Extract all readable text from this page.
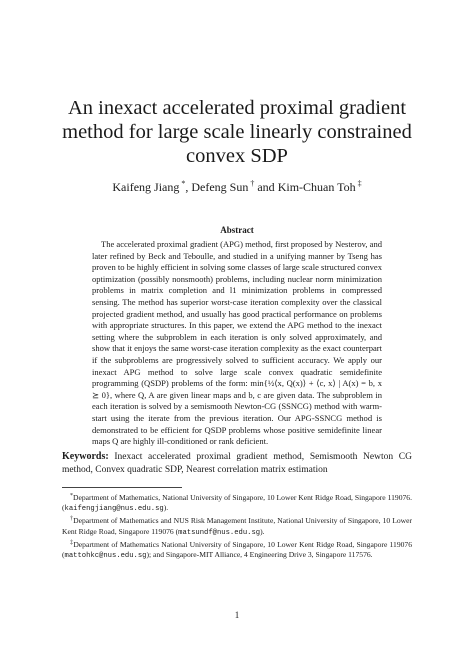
An inexact accelerated proximal gradient method for large scale linearly constrained convex SDP
Kaifeng Jiang *, Defeng Sun † and Kim-Chuan Toh ‡
Abstract
The accelerated proximal gradient (APG) method, first proposed by Nesterov, and later refined by Beck and Teboulle, and studied in a unifying manner by Tseng has proven to be highly efficient in solving some classes of large scale structured convex optimization (possibly nonsmooth) problems, including nuclear norm minimization problems in matrix completion and l1 minimization problems in compressed sensing. The method has superior worst-case iteration complexity over the classical projected gradient method, and usually has good practical performance on problems with appropriate structures. In this paper, we extend the APG method to the inexact setting where the subproblem in each iteration is only solved approximately, and show that it enjoys the same worst-case iteration complexity as the exact counterpart if the subproblems are progressively solved to sufficient accuracy. We apply our inexact APG method to solve large scale convex quadratic semidefinite programming (QSDP) problems of the form: min{½⟨x, Q(x)⟩ + ⟨c, x⟩ | A(x) = b, x ⪰ 0}, where Q, A are given linear maps and b, c are given data. The subproblem in each iteration is solved by a semismooth Newton-CG (SSNCG) method with warm-start using the iterate from the previous iteration. Our APG-SSNCG method is demonstrated to be efficient for QSDP problems whose positive semidefinite linear maps Q are highly ill-conditioned or rank deficient.
Keywords: Inexact accelerated proximal gradient method, Semismooth Newton CG method, Convex quadratic SDP, Nearest correlation matrix estimation

*Department of Mathematics, National University of Singapore, 10 Lower Kent Ridge Road, Singapore 119076. (kaifengjiang@nus.edu.sg).

†Department of Mathematics and NUS Risk Management Institute, National University of Singapore, 10 Lower Kent Ridge Road, Singapore 119076 (matsundf@nus.edu.sg).

‡Department of Mathematics National University of Singapore, 10 Lower Kent Ridge Road, Singapore 119076 (mattohkc@nus.edu.sg); and Singapore-MIT Alliance, 4 Engineering Drive 3, Singapore 117576.

1
